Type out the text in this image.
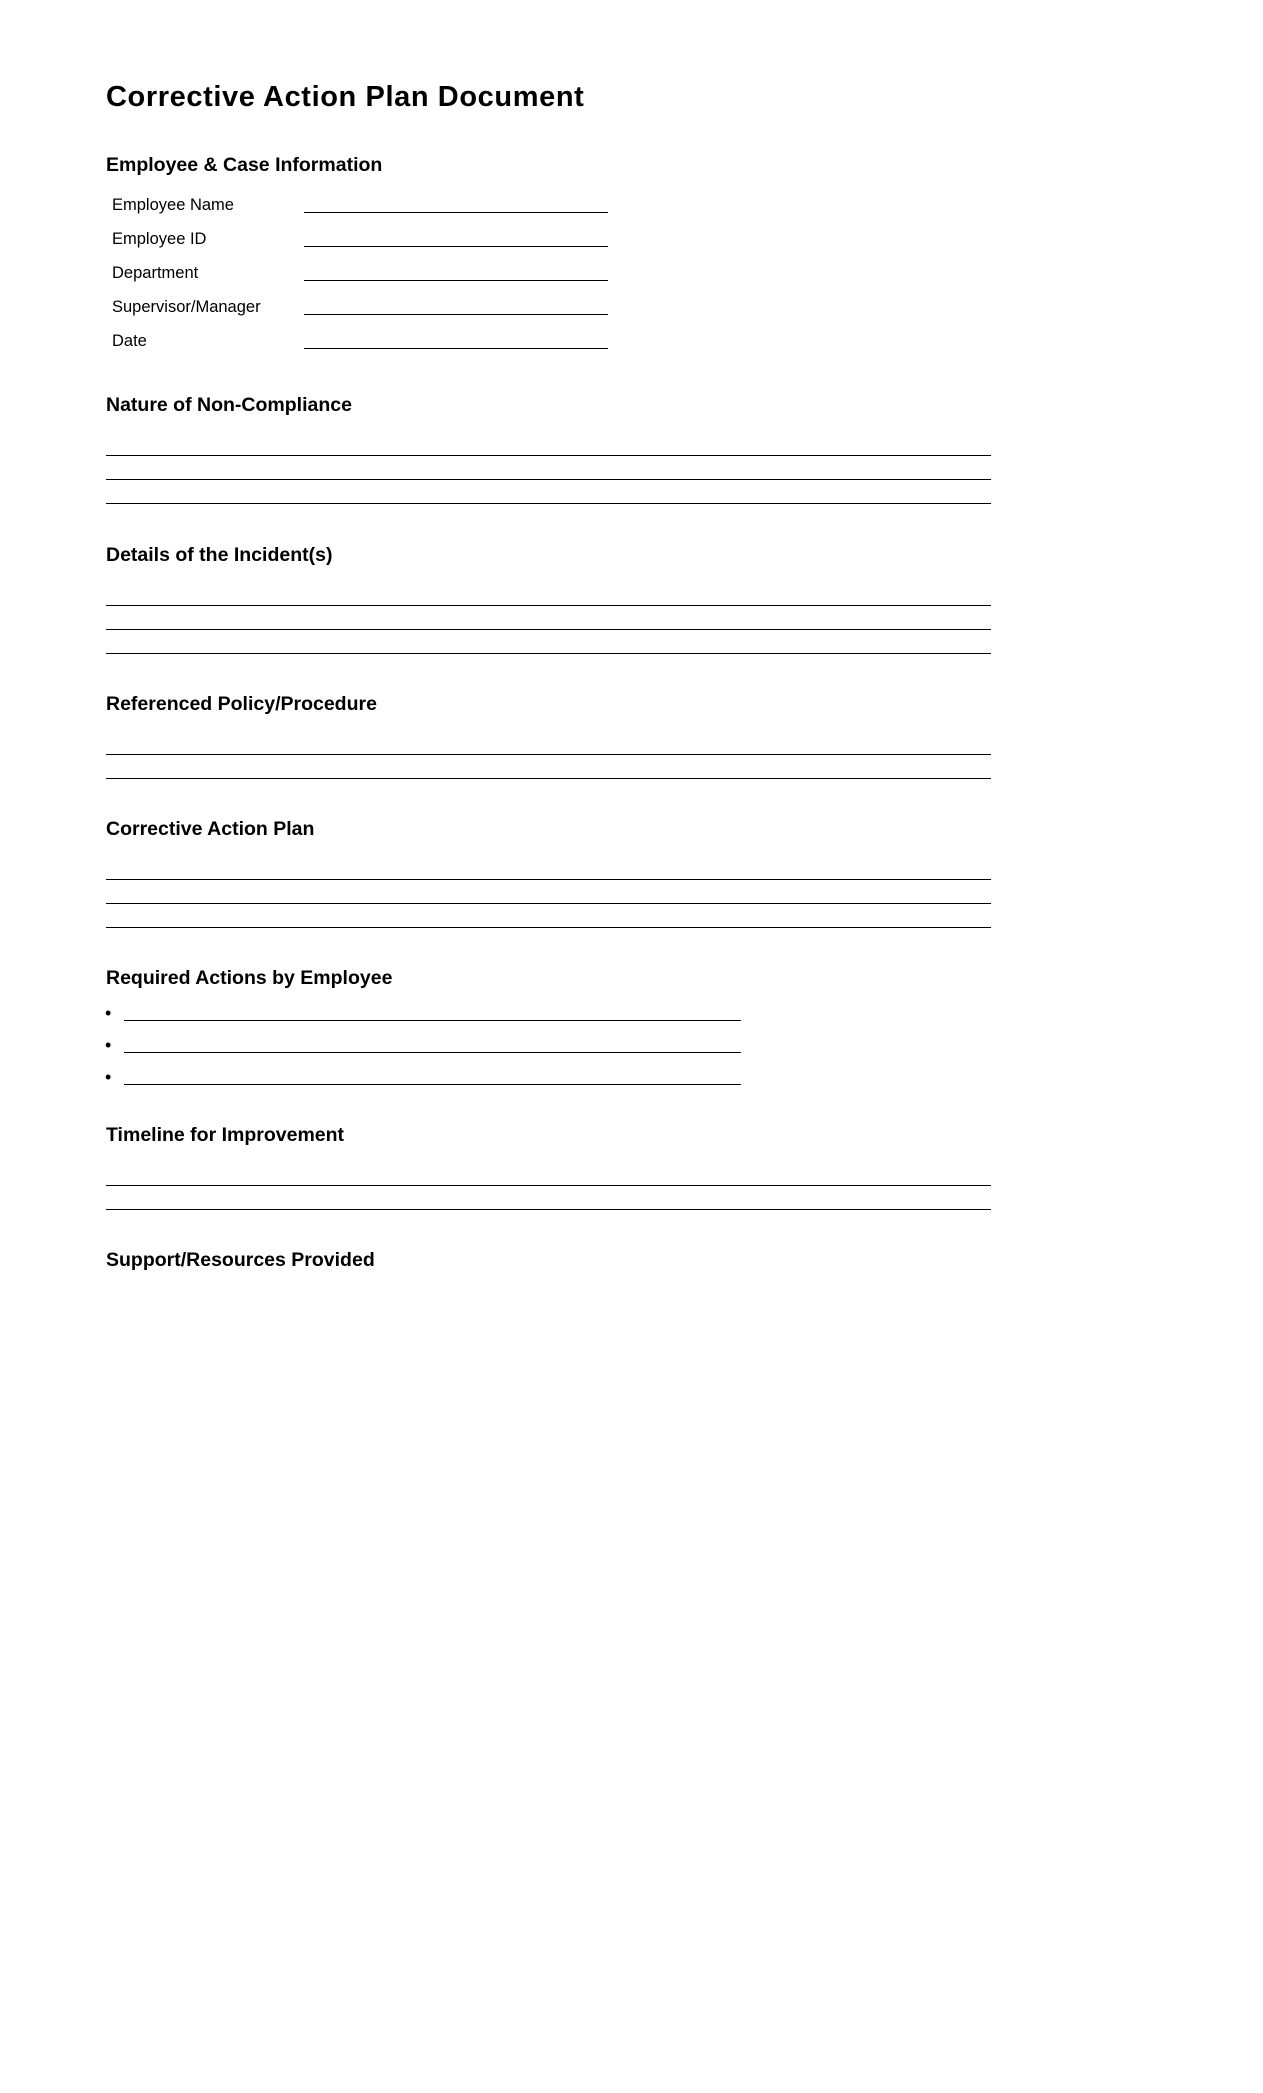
Corrective Action Plan Document
Employee & Case Information
Employee Name
Employee ID
Department
Supervisor/Manager
Date
Nature of Non-Compliance
Details of the Incident(s)
Referenced Policy/Procedure
Corrective Action Plan
Required Actions by Employee
•
•
•
Timeline for Improvement
Support/Resources Provided
